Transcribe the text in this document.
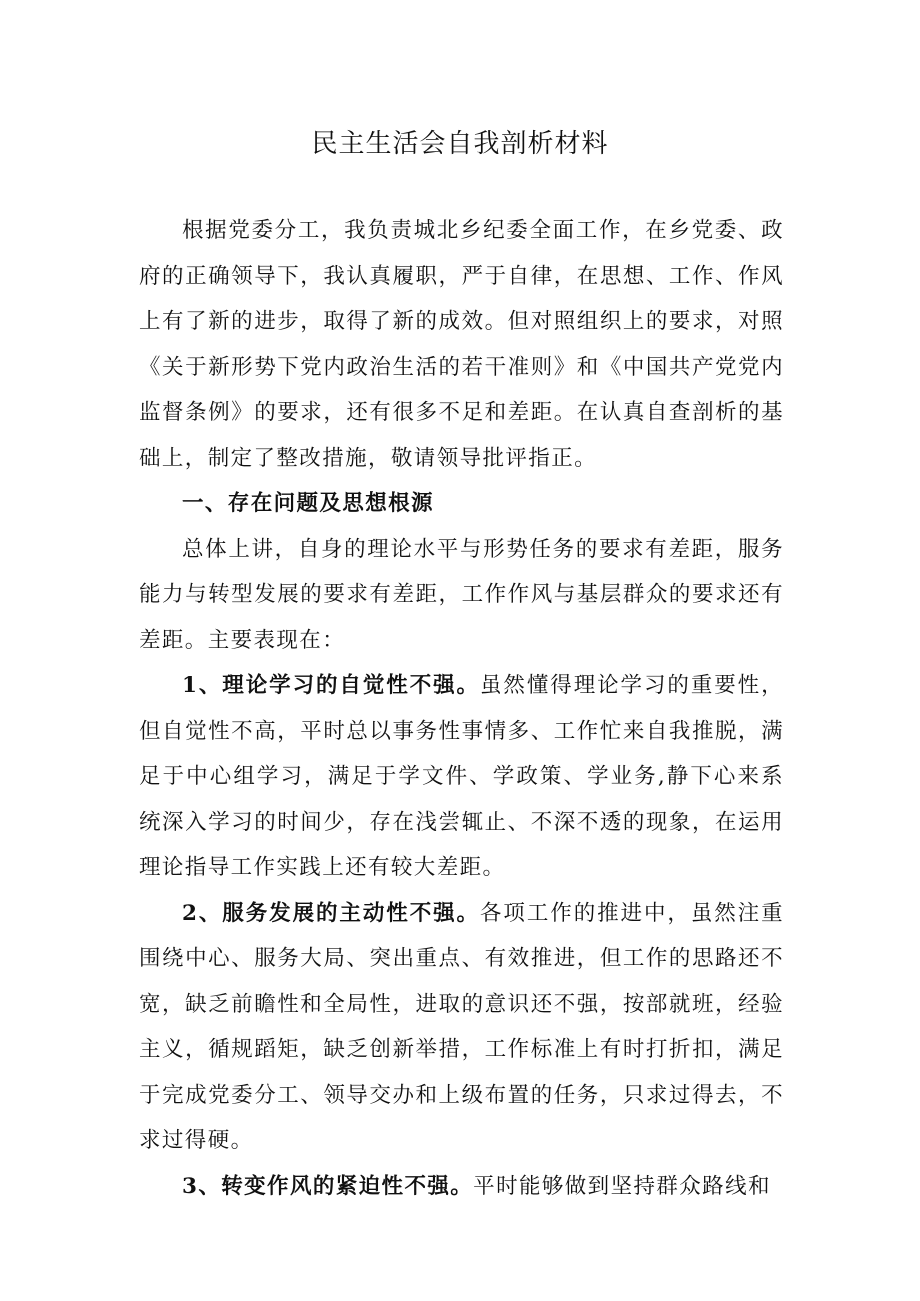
民主生活会自我剖析材料

根据党委分工，我负责城北乡纪委全面工作，在乡党委、政府的正确领导下，我认真履职，严于自律，在思想、工作、作风上有了新的进步，取得了新的成效。但对照组织上的要求，对照《关于新形势下党内政治生活的若干准则》和《中国共产党党内监督条例》的要求，还有很多不足和差距。在认真自查剖析的基础上，制定了整改措施，敬请领导批评指正。

一、存在问题及思想根源

总体上讲，自身的理论水平与形势任务的要求有差距，服务能力与转型发展的要求有差距，工作作风与基层群众的要求还有差距。主要表现在：

1、理论学习的自觉性不强。虽然懂得理论学习的重要性，但自觉性不高，平时总以事务性事情多、工作忙来自我推脱，满足于中心组学习，满足于学文件、学政策、学业务,静下心来系统深入学习的时间少，存在浅尝辄止、不深不透的现象，在运用理论指导工作实践上还有较大差距。

2、服务发展的主动性不强。各项工作的推进中，虽然注重围绕中心、服务大局、突出重点、有效推进，但工作的思路还不宽，缺乏前瞻性和全局性，进取的意识还不强，按部就班，经验主义，循规蹈矩，缺乏创新举措，工作标准上有时打折扣，满足于完成党委分工、领导交办和上级布置的任务，只求过得去，不求过得硬。

3、转变作风的紧迫性不强。平时能够做到坚持群众路线和
